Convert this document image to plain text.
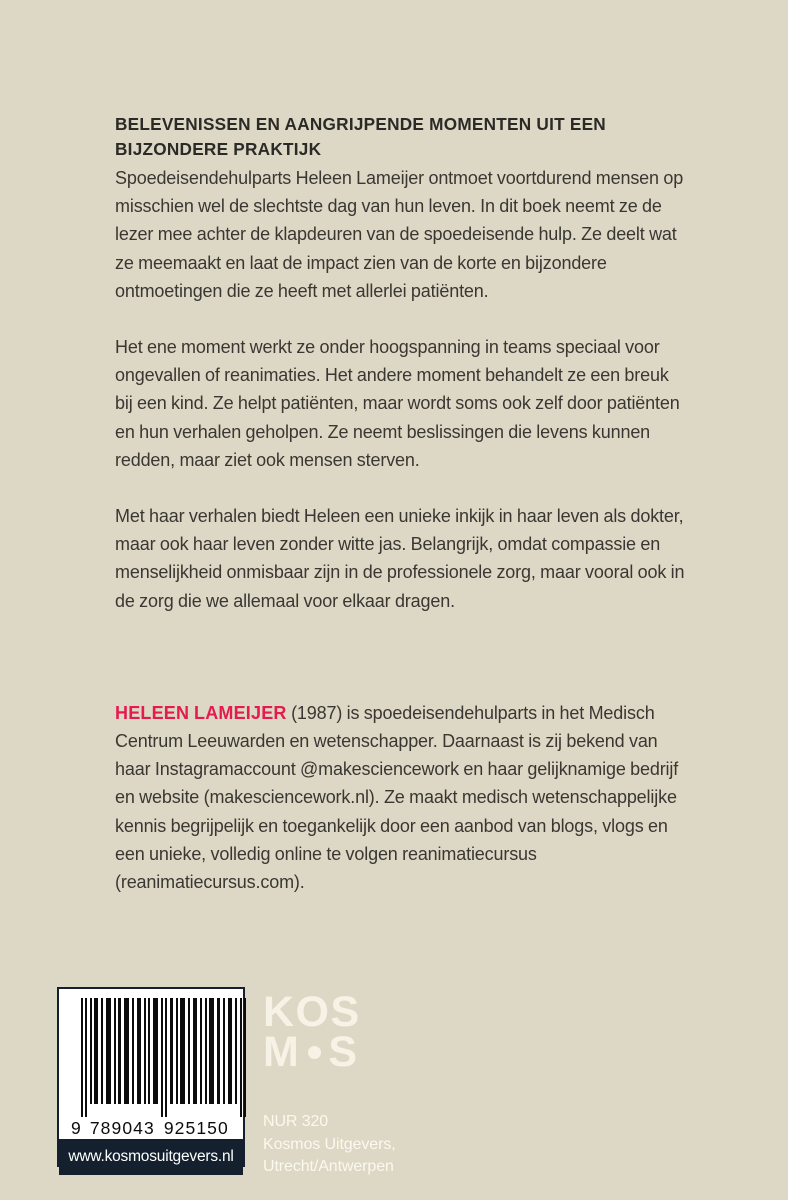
BELEVENISSEN EN AANGRIJPENDE MOMENTEN UIT EEN BIJZONDERE PRAKTIJK

Spoedeisendehulparts Heleen Lameijer ontmoet voortdurend mensen op misschien wel de slechtste dag van hun leven. In dit boek neemt ze de lezer mee achter de klapdeuren van de spoedeisende hulp. Ze deelt wat ze meemaakt en laat de impact zien van de korte en bijzondere ontmoetingen die ze heeft met allerlei patiënten.

Het ene moment werkt ze onder hoogspanning in teams speciaal voor ongevallen of reanimaties. Het andere moment behandelt ze een breuk bij een kind. Ze helpt patiënten, maar wordt soms ook zelf door patiënten en hun verhalen geholpen. Ze neemt beslissingen die levens kunnen redden, maar ziet ook mensen sterven.

Met haar verhalen biedt Heleen een unieke inkijk in haar leven als dokter, maar ook haar leven zonder witte jas. Belangrijk, omdat compassie en menselijkheid onmisbaar zijn in de professionele zorg, maar vooral ook in de zorg die we allemaal voor elkaar dragen.

HELEEN LAMEIJER (1987) is spoedeisendehulparts in het Medisch Centrum Leeuwarden en wetenschapper. Daarnaast is zij bekend van haar Instagramaccount @makesciencework en haar gelijknamige bedrijf en website (makesciencework.nl). Ze maakt medisch wetenschappelijke kennis begrijpelijk en toegankelijk door een aanbod van blogs, vlogs en een unieke, volledig online te volgen reanimatiecursus (reanimatiecursus.com).

9 789043 925150
www.kosmosuitgevers.nl
KOS
M S
NUR 320
Kosmos Uitgevers,
Utrecht/Antwerpen
